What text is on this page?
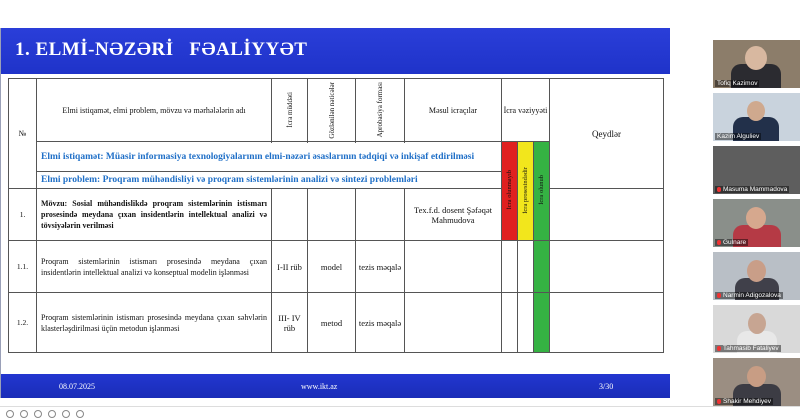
1. ELMİ-NƏZƏRİ   FƏALİYYƏT
№	Elmi istiqamət, elmi problem, mövzu və mərhələlərin adı	İcra müddəti	Gözlənilən nəticələr	Aprobasiya forması	Məsul icraçılar	İcra vəziyyəti			Qeydlər
						İcra olunmayıb	İcra prosesindədir	İcra olunub	
	Elmi istiqamət: Müasir informasiya texnologiyalarının elmi-nəzəri əsaslarının tədqiqi və inkişaf etdirilməsi								
	Elmi problem: Proqram mühəndisliyi və proqram sistemlərinin analizi və sintezi problemləri								
1.	Mövzu: Sosial mühəndislikdə proqram sistemlərinin istismarı prosesində meydana çıxan insidentlərin intellektual analizi və tövsiyələrin verilməsi				Tex.f.d. dosent Şəfəqət Mahmudova				
1.1.	Proqram sistemlərinin istismarı prosesində meydana çıxan insidentlərin intellektual analizi və konseptual modelin işlənməsi	I-II rüb	model	tezis məqalə					
1.2.	Proqram sistemlərinin istismarı prosesində meydana çıxan səhvlərin klasterləşdirilməsi üçün metodun işlənməsi	III- IV rüb	metod	tezis məqalə					
08.07.2025	www.ikt.az	3/30
Tofiq Kazimov
Kazim Alguliev
Masuma Mammadova
Gulnare
Narmin Adigozalova
Tahmasib Fataliyev
Shakir Mehdiyev
